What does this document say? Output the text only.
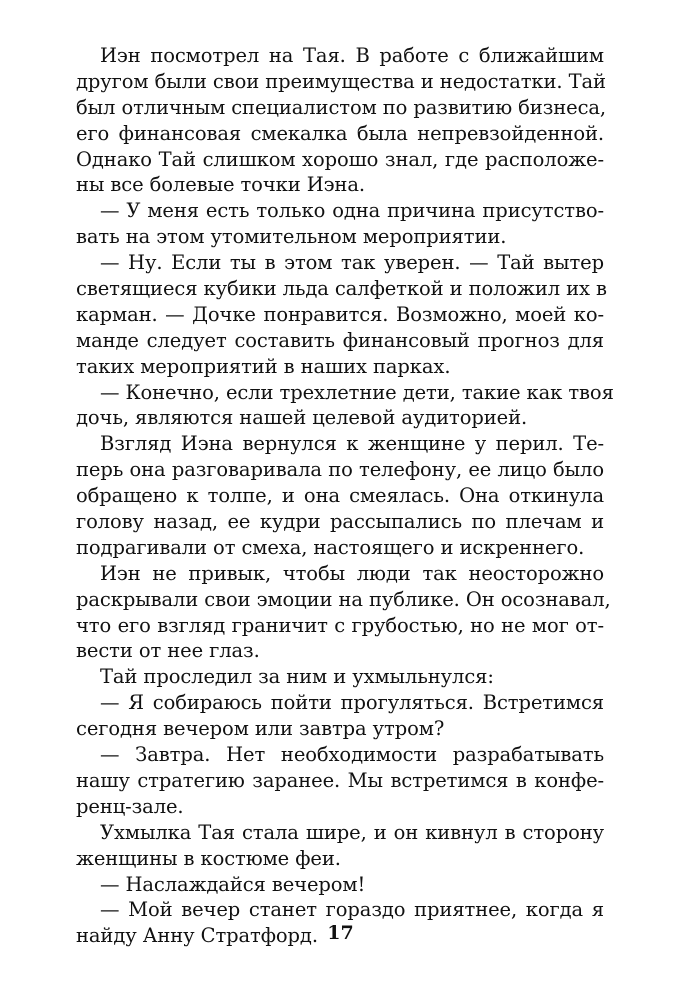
Иэн посмотрел на Тая. В работе с ближайшим
другом были свои преимущества и недостатки. Тай
был отличным специалистом по развитию бизнеса,
его финансовая смекалка была непревзойденной.
Однако Тай слишком хорошо знал, где расположе-
ны все болевые точки Иэна.
— У меня есть только одна причина присутство-
вать на этом утомительном мероприятии.
— Ну. Если ты в этом так уверен. — Тай вытер
светящиеся кубики льда салфеткой и положил их в
карман. — Дочке понравится. Возможно, моей ко-
манде следует составить финансовый прогноз для
таких мероприятий в наших парках.
— Конечно, если трехлетние дети, такие как твоя
дочь, являются нашей целевой аудиторией.
Взгляд Иэна вернулся к женщине у перил. Те-
перь она разговаривала по телефону, ее лицо было
обращено к толпе, и она смеялась. Она откинула
голову назад, ее кудри рассыпались по плечам и
подрагивали от смеха, настоящего и искреннего.
Иэн не привык, чтобы люди так неосторожно
раскрывали свои эмоции на публике. Он осознавал,
что его взгляд граничит с грубостью, но не мог от-
вести от нее глаз.
Тай проследил за ним и ухмыльнулся:
— Я собираюсь пойти прогуляться. Встретимся
сегодня вечером или завтра утром?
— Завтра. Нет необходимости разрабатывать
нашу стратегию заранее. Мы встретимся в конфе-
ренц-зале.
Ухмылка Тая стала шире, и он кивнул в сторону
женщины в костюме феи.
— Наслаждайся вечером!
— Мой вечер станет гораздо приятнее, когда я
найду Анну Стратфорд. 17
